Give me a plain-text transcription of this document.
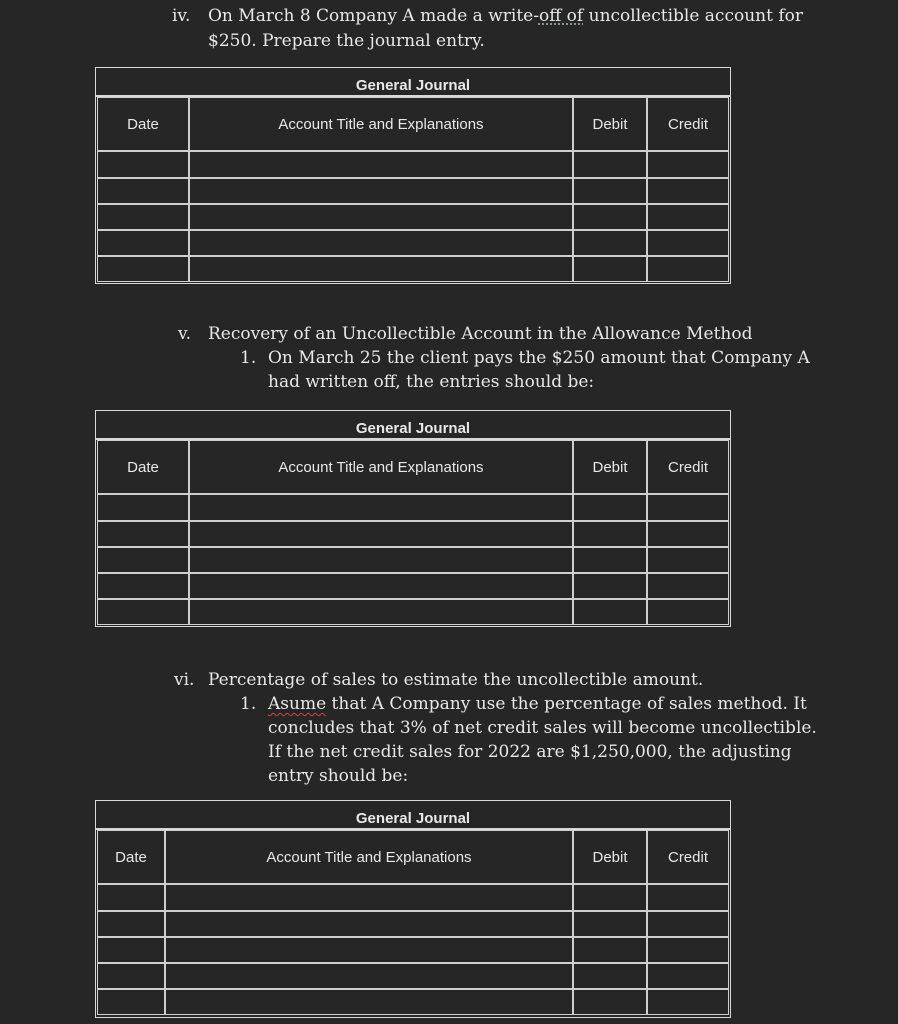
iv. On March 8 Company A made a write-off of uncollectible account for
$250. Prepare the journal entry.
General Journal
Date	Account Title and Explanations	Debit	Credit
v. Recovery of an Uncollectible Account in the Allowance Method
1. On March 25 the client pays the $250 amount that Company A
had written off, the entries should be:
General Journal
Date	Account Title and Explanations	Debit	Credit
vi. Percentage of sales to estimate the uncollectible amount.
1. Asume that A Company use the percentage of sales method. It
concludes that 3% of net credit sales will become uncollectible.
If the net credit sales for 2022 are $1,250,000, the adjusting
entry should be:
General Journal
Date	Account Title and Explanations	Debit	Credit
